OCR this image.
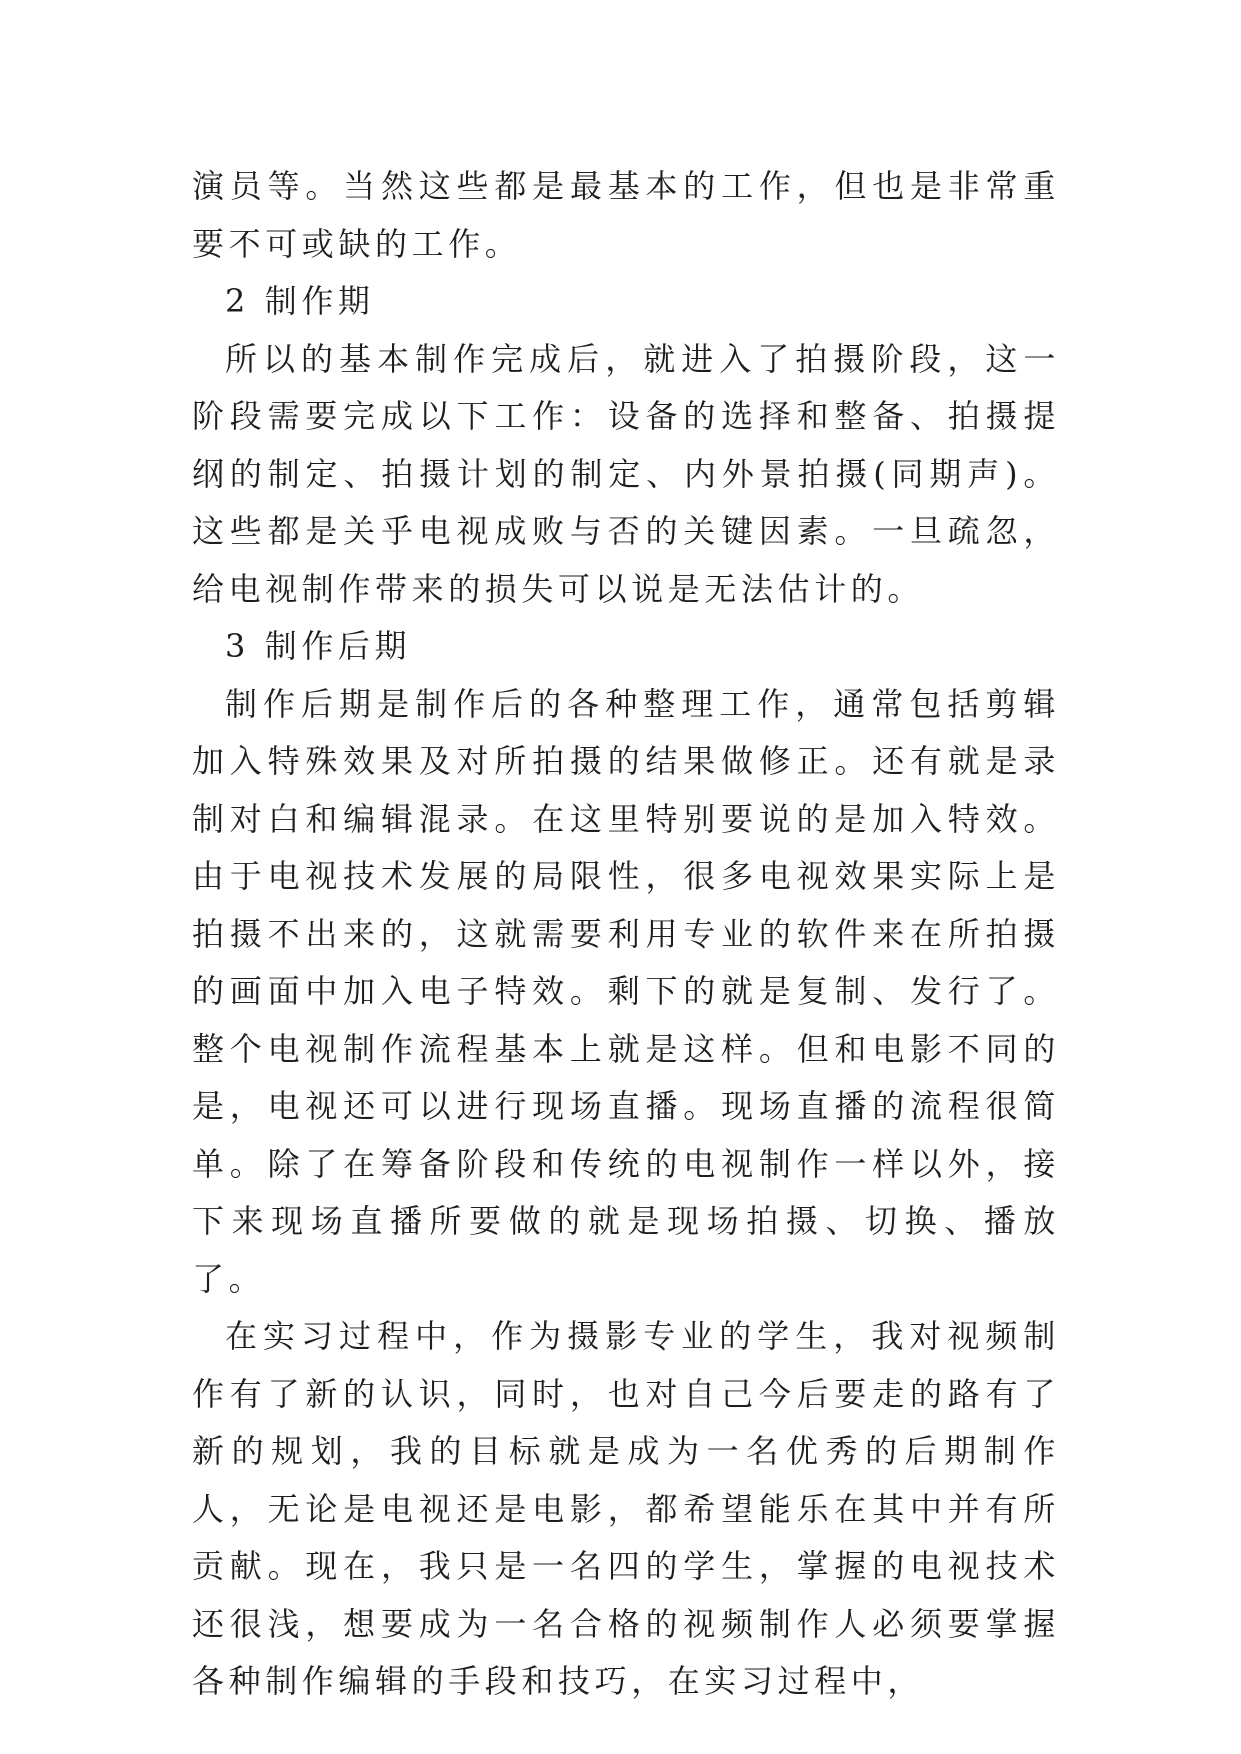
演员等。当然这些都是最基本的工作，但也是非常重要不可或缺的工作。

2 制作期

所以的基本制作完成后，就进入了拍摄阶段，这一阶段需要完成以下工作：设备的选择和整备、拍摄提纲的制定、拍摄计划的制定、内外景拍摄(同期声)。这些都是关乎电视成败与否的关键因素。一旦疏忽，给电视制作带来的损失可以说是无法估计的。

3 制作后期

制作后期是制作后的各种整理工作，通常包括剪辑加入特殊效果及对所拍摄的结果做修正。还有就是录制对白和编辑混录。在这里特别要说的是加入特效。由于电视技术发展的局限性，很多电视效果实际上是拍摄不出来的，这就需要利用专业的软件来在所拍摄的画面中加入电子特效。剩下的就是复制、发行了。整个电视制作流程基本上就是这样。但和电影不同的是，电视还可以进行现场直播。现场直播的流程很简单。除了在筹备阶段和传统的电视制作一样以外，接下来现场直播所要做的就是现场拍摄、切换、播放了。

在实习过程中，作为摄影专业的学生，我对视频制作有了新的认识，同时，也对自己今后要走的路有了新的规划，我的目标就是成为一名优秀的后期制作人，无论是电视还是电影，都希望能乐在其中并有所贡献。现在，我只是一名四的学生，掌握的电视技术还很浅，想要成为一名合格的视频制作人必须要掌握各种制作编辑的手段和技巧，在实习过程中，
